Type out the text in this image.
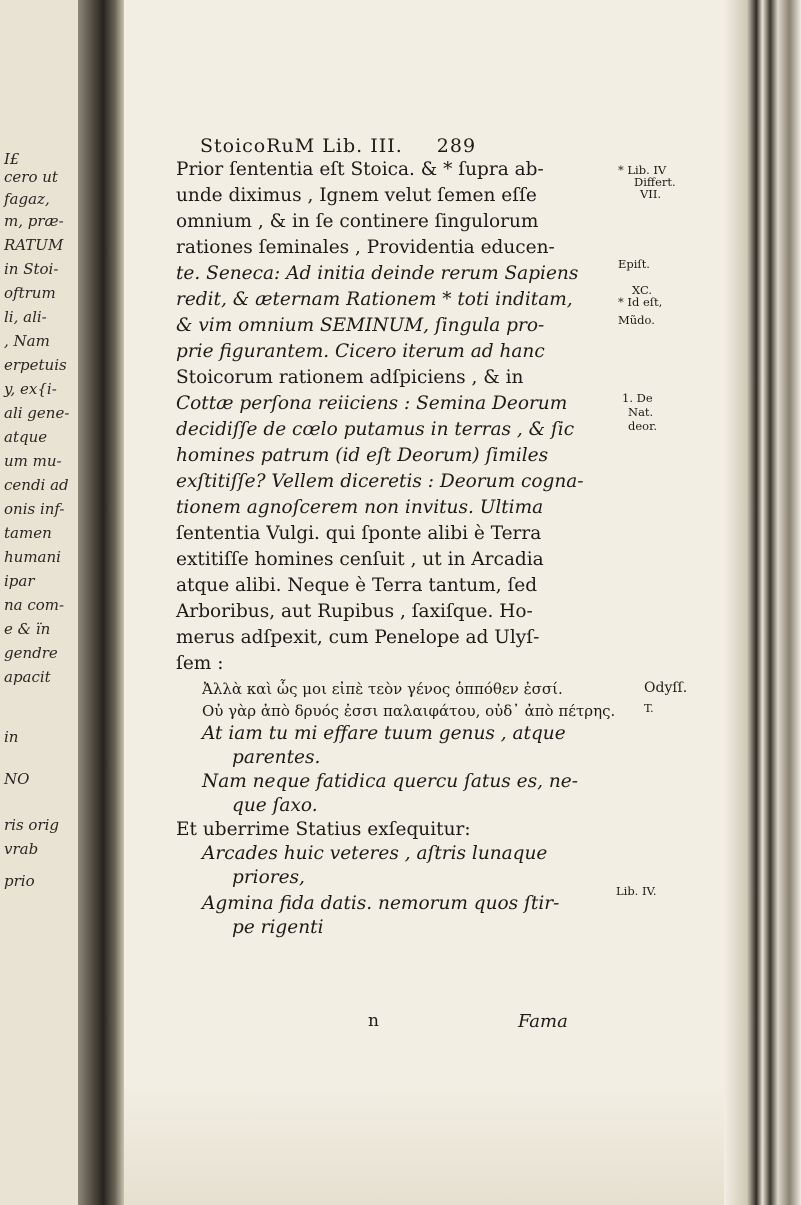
I£
cero ut
fagaz,
m, præ-
RATUM
in Stoi-
oftrum
li, ali-
, Nam
erpetuis
y, ex{i-
ali gene-
atque
um mu-
cendi ad
onis inf-
tamen
humani
ipar
na com-
e & ïn
gendre
apacit
in
NO
ris orig
vrab
prio
StoicoRuM Lib. III. 289
Prior ſententia eſt Stoica. & * ſupra ab-
unde diximus , Ignem velut ſemen eſſe
omnium , & in ſe continere ſingulorum
rationes ſeminales , Providentia educen-
te. Seneca: Ad initia deinde rerum Sapiens
redit, & æternam Rationem * toti inditam,
& vim omnium SEMINUM, ſingula pro-
prie figurantem. Cicero iterum ad hanc
Stoicorum rationem adſpiciens , & in
Cottæ perſona reiiciens : Semina Deorum
decidiſſe de cœlo putamus in terras , & ſic
homines patrum (id eſt Deorum) ſimiles
exſtitiſſe? Vellem diceretis : Deorum cogna-
tionem agnoſcerem non invitus. Ultima
ſententia Vulgi. qui ſponte alibi è Terra
extitiſſe homines cenſuit , ut in Arcadia
atque alibi. Neque è Terra tantum, ſed
Arboribus, aut Rupibus , ſaxiſque. Ho-
merus adſpexit, cum Penelope ad Ulyſ-
ſem :
Ἀλλὰ καὶ ὧς μοι εἰπὲ τεὸν γένος ὁππόθεν ἐσσί.
Οὐ γὰρ ἀπὸ δρυός ἐσσι παλαιφάτου, οὐδ᾽ ἀπὸ πέτρης.
At iam tu mi effare tuum genus , atque
parentes.
Nam neque fatidica quercu ſatus es, ne-
que ſaxo.
Et uberrime Statius exſequitur:
Arcades huic veteres , aſtris lunaque
priores,
Agmina fida datis. nemorum quos ſtir-
pe rigenti
* Lib. IV
Differt.
VII.
Epiſt.
XC.
* Id eſt,
Mũdo.
1. De
Nat.
deor.
Odyſſ.
T.
Lib. IV.
n	Fama
